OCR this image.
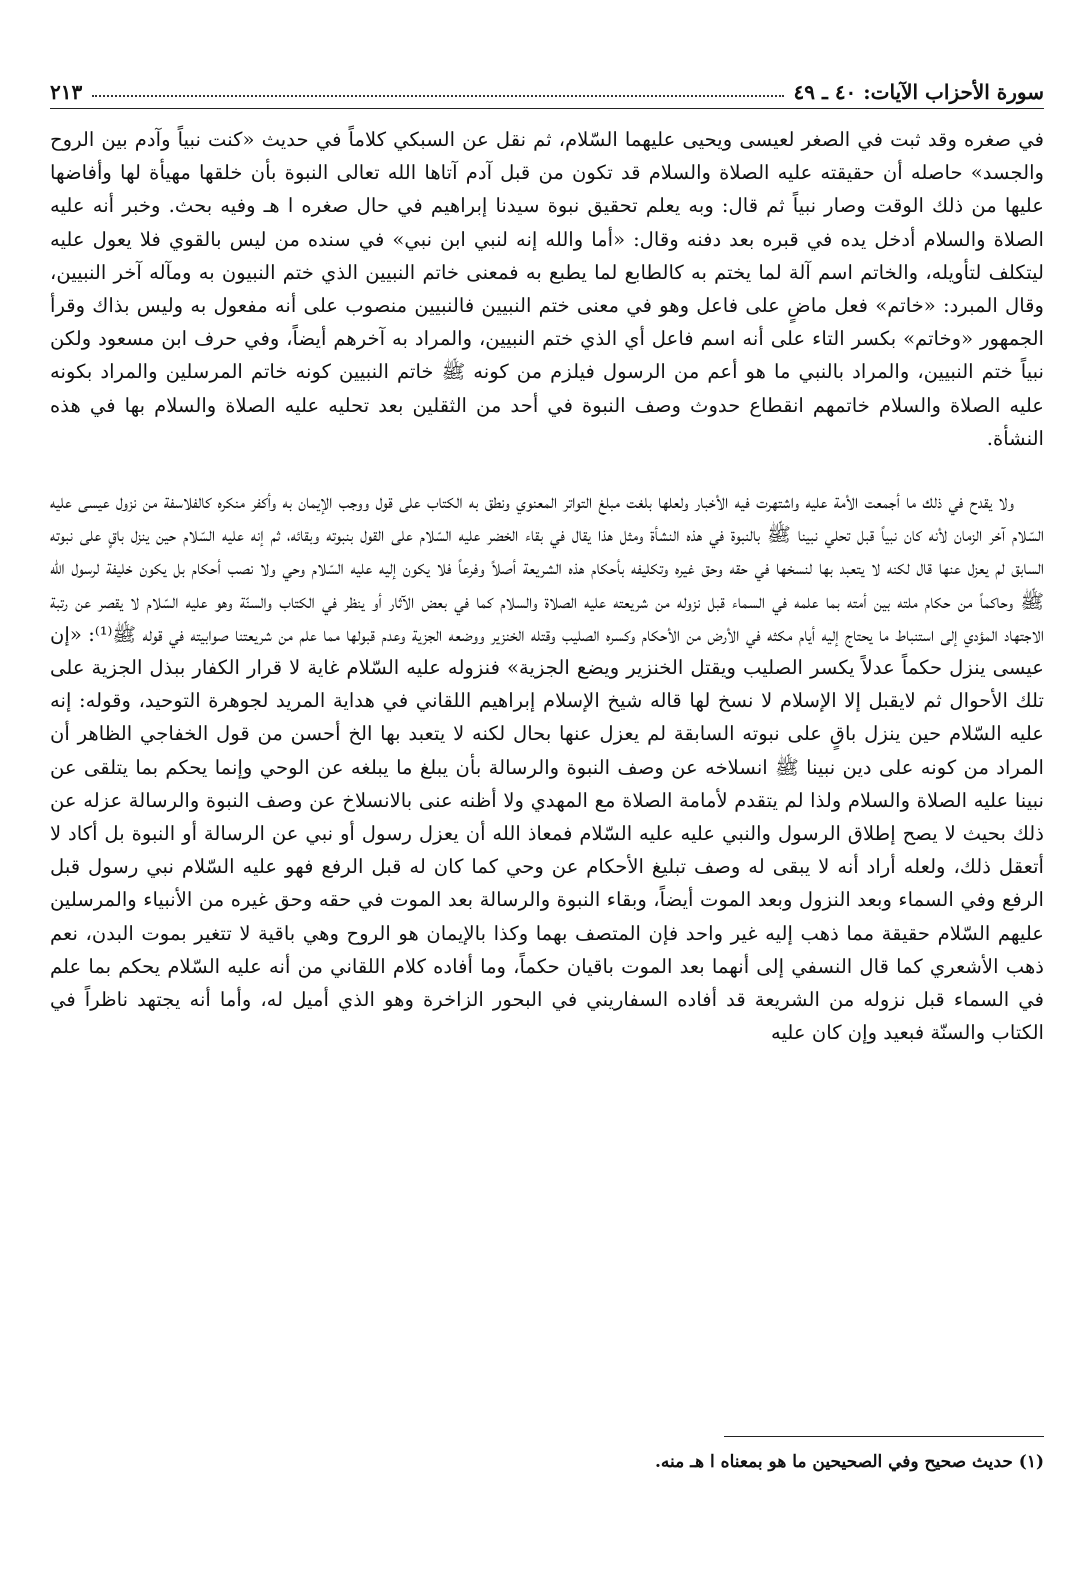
سورة الأحزاب الآيات: ٤٠ ـ ٤٩
٢١٣

في صغره وقد ثبت في الصغر لعيسى ويحيى عليهما السّلام، ثم نقل عن السبكي كلاماً في حديث «كنت نبياً وآدم بين الروح والجسد» حاصله أن حقيقته عليه الصلاة والسلام قد تكون من قبل آدم آتاها الله تعالى النبوة بأن خلقها مهيأة لها وأفاضها عليها من ذلك الوقت وصار نبياً ثم قال: وبه يعلم تحقيق نبوة سيدنا إبراهيم في حال صغره ا هـ وفيه بحث. وخبر أنه عليه الصلاة والسلام أدخل يده في قبره بعد دفنه وقال: «أما والله إنه لنبي ابن نبي» في سنده من ليس بالقوي فلا يعول عليه ليتكلف لتأويله، والخاتم اسم آلة لما يختم به كالطابع لما يطبع به فمعنى خاتم النبيين الذي ختم النبيون به ومآله آخر النبيين، وقال المبرد: «خاتم» فعل ماضٍ على فاعل وهو في معنى ختم النبيين فالنبيين منصوب على أنه مفعول به وليس بذاك وقرأ الجمهور «وخاتم» بكسر التاء على أنه اسم فاعل أي الذي ختم النبيين، والمراد به آخرهم أيضاً، وفي حرف ابن مسعود ولكن نبياً ختم النبيين، والمراد بالنبي ما هو أعم من الرسول فيلزم من كونه ﷺ خاتم النبيين كونه خاتم المرسلين والمراد بكونه عليه الصلاة والسلام خاتمهم انقطاع حدوث وصف النبوة في أحد من الثقلين بعد تحليه عليه الصلاة والسلام بها في هذه النشأة.

ولا يقدح في ذلك ما أجمعت الأمة عليه واشتهرت فيه الأخبار ولعلها بلغت مبلغ التواتر المعنوي ونطق به الكتاب على قول ووجب الإيمان به وأكفر منكره كالفلاسفة من نزول عيسى عليه السّلام آخر الزمان لأنه كان نبياً قبل تحلي نبينا ﷺ بالنبوة في هذه النشأة ومثل هذا يقال في بقاء الخضر عليه السّلام على القول بنبوته وبقائه، ثم إنه عليه السّلام حين ينزل باقٍ على نبوته السابق لم يعزل عنها قال لكنه لا يتعبد بها لنسخها في حقه وحق غيره وتكليفه بأحكام هذه الشريعة أصلاً وفرعاً فلا يكون إليه عليه السّلام وحي ولا نصب أحكام بل يكون خليفة لرسول الله ﷺ وحاكماً من حكام ملته بين أمته بما علمه في السماء قبل نزوله من شريعته عليه الصلاة والسلام كما في بعض الآثار أو ينظر في الكتاب والسنّة وهو عليه السّلام لا يقصر عن رتبة الاجتهاد المؤدي إلى استنباط ما يحتاج إليه أيام مكثه في الأرض من الأحكام وكسره الصليب وقتله الخنزير ووضعه الجزية وعدم قبولها مما علم من شريعتنا صوابيته في قوله ﷺ⁽¹⁾: «إن عيسى ينزل حكماً عدلاً يكسر الصليب ويقتل الخنزير ويضع الجزية» فنزوله عليه السّلام غاية لا قرار الكفار ببذل الجزية على تلك الأحوال ثم لايقبل إلا الإسلام لا نسخ لها قاله شيخ الإسلام إبراهيم اللقاني في هداية المريد لجوهرة التوحيد، وقوله: إنه عليه السّلام حين ينزل باقٍ على نبوته السابقة لم يعزل عنها بحال لكنه لا يتعبد بها الخ أحسن من قول الخفاجي الظاهر أن المراد من كونه على دين نبينا ﷺ انسلاخه عن وصف النبوة والرسالة بأن يبلغ ما يبلغه عن الوحي وإنما يحكم بما يتلقى عن نبينا عليه الصلاة والسلام ولذا لم يتقدم لأمامة الصلاة مع المهدي ولا أظنه عنى بالانسلاخ عن وصف النبوة والرسالة عزله عن ذلك بحيث لا يصح إطلاق الرسول والنبي عليه عليه السّلام فمعاذ الله أن يعزل رسول أو نبي عن الرسالة أو النبوة بل أكاد لا أتعقل ذلك، ولعله أراد أنه لا يبقى له وصف تبليغ الأحكام عن وحي كما كان له قبل الرفع فهو عليه السّلام نبي رسول قبل الرفع وفي السماء وبعد النزول وبعد الموت أيضاً، وبقاء النبوة والرسالة بعد الموت في حقه وحق غيره من الأنبياء والمرسلين عليهم السّلام حقيقة مما ذهب إليه غير واحد فإن المتصف بهما وكذا بالإيمان هو الروح وهي باقية لا تتغير بموت البدن، نعم ذهب الأشعري كما قال النسفي إلى أنهما بعد الموت باقيان حكماً، وما أفاده كلام اللقاني من أنه عليه السّلام يحكم بما علم في السماء قبل نزوله من الشريعة قد أفاده السفاريني في البحور الزاخرة وهو الذي أميل له، وأما أنه يجتهد ناظراً في الكتاب والسنّة فبعيد وإن كان عليه

(١) حديث صحيح وفي الصحيحين ما هو بمعناه ا هـ منه.
